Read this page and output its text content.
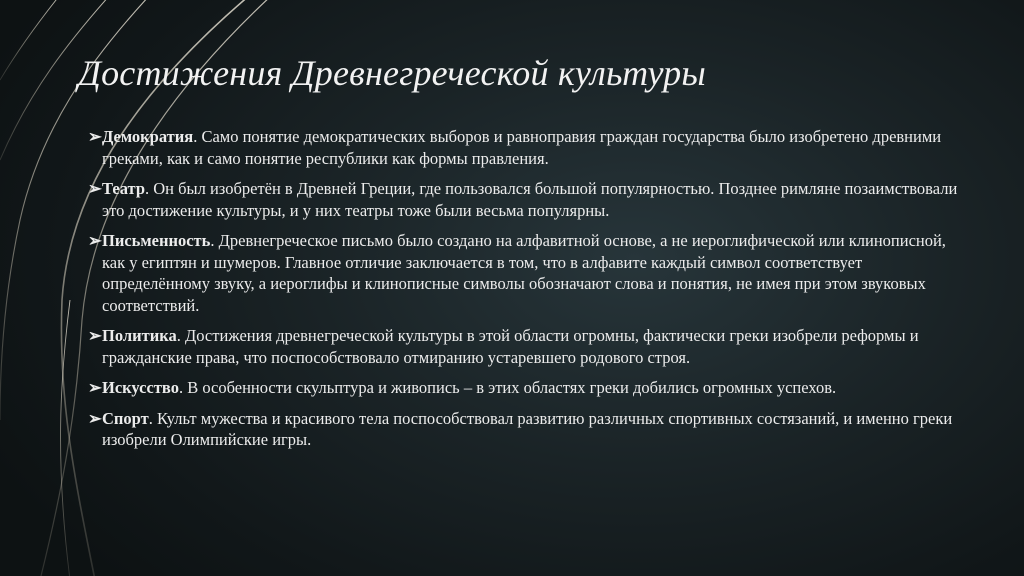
Достижения Древнегреческой культуры
➢ Демократия. Само понятие демократических выборов и равноправия граждан государства было изобретено древними греками, как и само понятие республики как формы правления.
➢ Театр. Он был изобретён в Древней Греции, где пользовался большой популярностью. Позднее римляне позаимствовали это достижение культуры, и у них театры тоже были весьма популярны.
➢ Письменность. Древнегреческое письмо было создано на алфавитной основе, а не иероглифической или клинописной, как у египтян и шумеров. Главное отличие заключается в том, что в алфавите каждый символ соответствует определённому звуку, а иероглифы и клинописные символы обозначают слова и понятия, не имея при этом звуковых соответствий.
➢ Политика. Достижения древнегреческой культуры в этой области огромны, фактически греки изобрели реформы и гражданские права, что поспособствовало отмиранию устаревшего родового строя.
➢ Искусство. В особенности скульптура и живопись – в этих областях греки добились огромных успехов.
➢ Спорт. Культ мужества и красивого тела поспособствовал развитию различных спортивных состязаний, и именно греки изобрели Олимпийские игры.
